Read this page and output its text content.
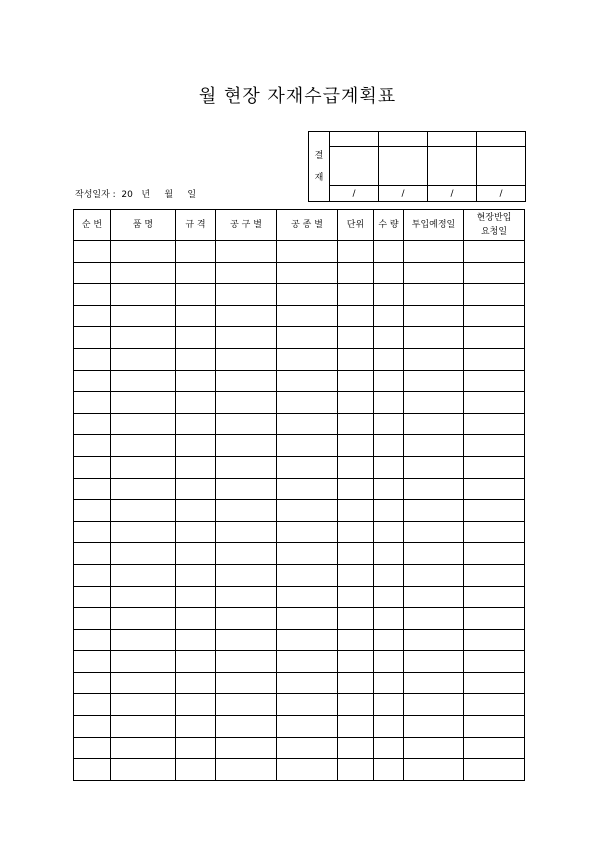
월 현장 자재수급계획표
결
재				

	/	/	/	/
작성일자 :  20   년     월     일
순 번	품 명	규 격	공 구 별	공 종 별	단위	수 량	투입예정일	현장반입
요청일
